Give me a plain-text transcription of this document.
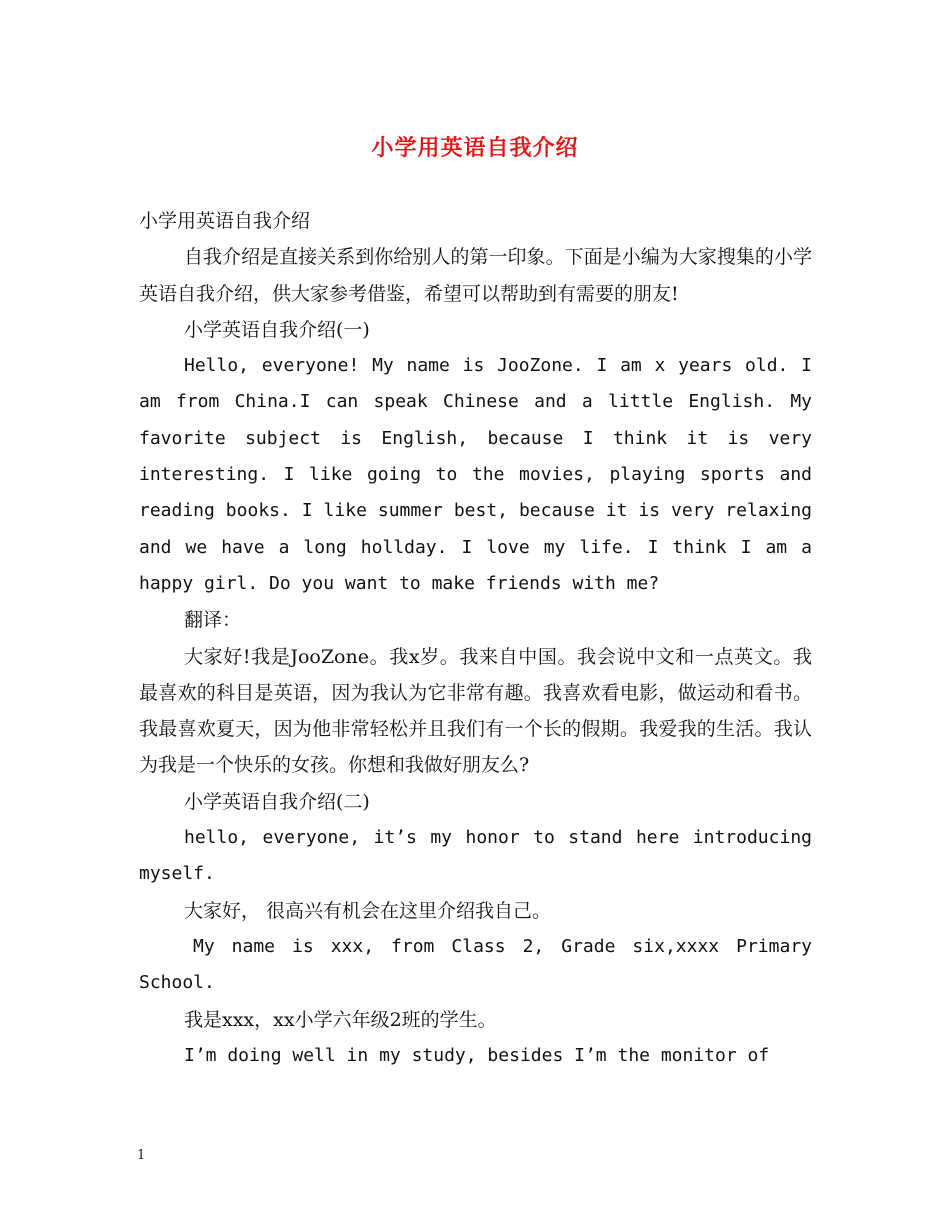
小学用英语自我介绍

小学用英语自我介绍

自我介绍是直接关系到你给别人的第一印象。下面是小编为大家搜集的小学英语自我介绍，供大家参考借鉴，希望可以帮助到有需要的朋友!

小学英语自我介绍(一)

Hello, everyone! My name is JooZone. I am x years old. I am from China.I can speak Chinese and a little English. My favorite subject is English, because I think it is very interesting. I like going to the movies, playing sports and reading books. I like summer best, because it is very relaxing and we have a long hollday. I love my life. I think I am a happy girl. Do you want to make friends with me?

翻译：

大家好!我是JooZone。我x岁。我来自中国。我会说中文和一点英文。我最喜欢的科目是英语，因为我认为它非常有趣。我喜欢看电影，做运动和看书。我最喜欢夏天，因为他非常轻松并且我们有一个长的假期。我爱我的生活。我认为我是一个快乐的女孩。你想和我做好朋友么?

小学英语自我介绍(二)

hello, everyone, it’s my honor to stand here introducing myself.

大家好， 很高兴有机会在这里介绍我自己。

My name is xxx, from Class 2, Grade six,xxxx Primary School.

我是xxx，xx小学六年级2班的学生。

I’m doing well in my study, besides I’m the monitor of

1
